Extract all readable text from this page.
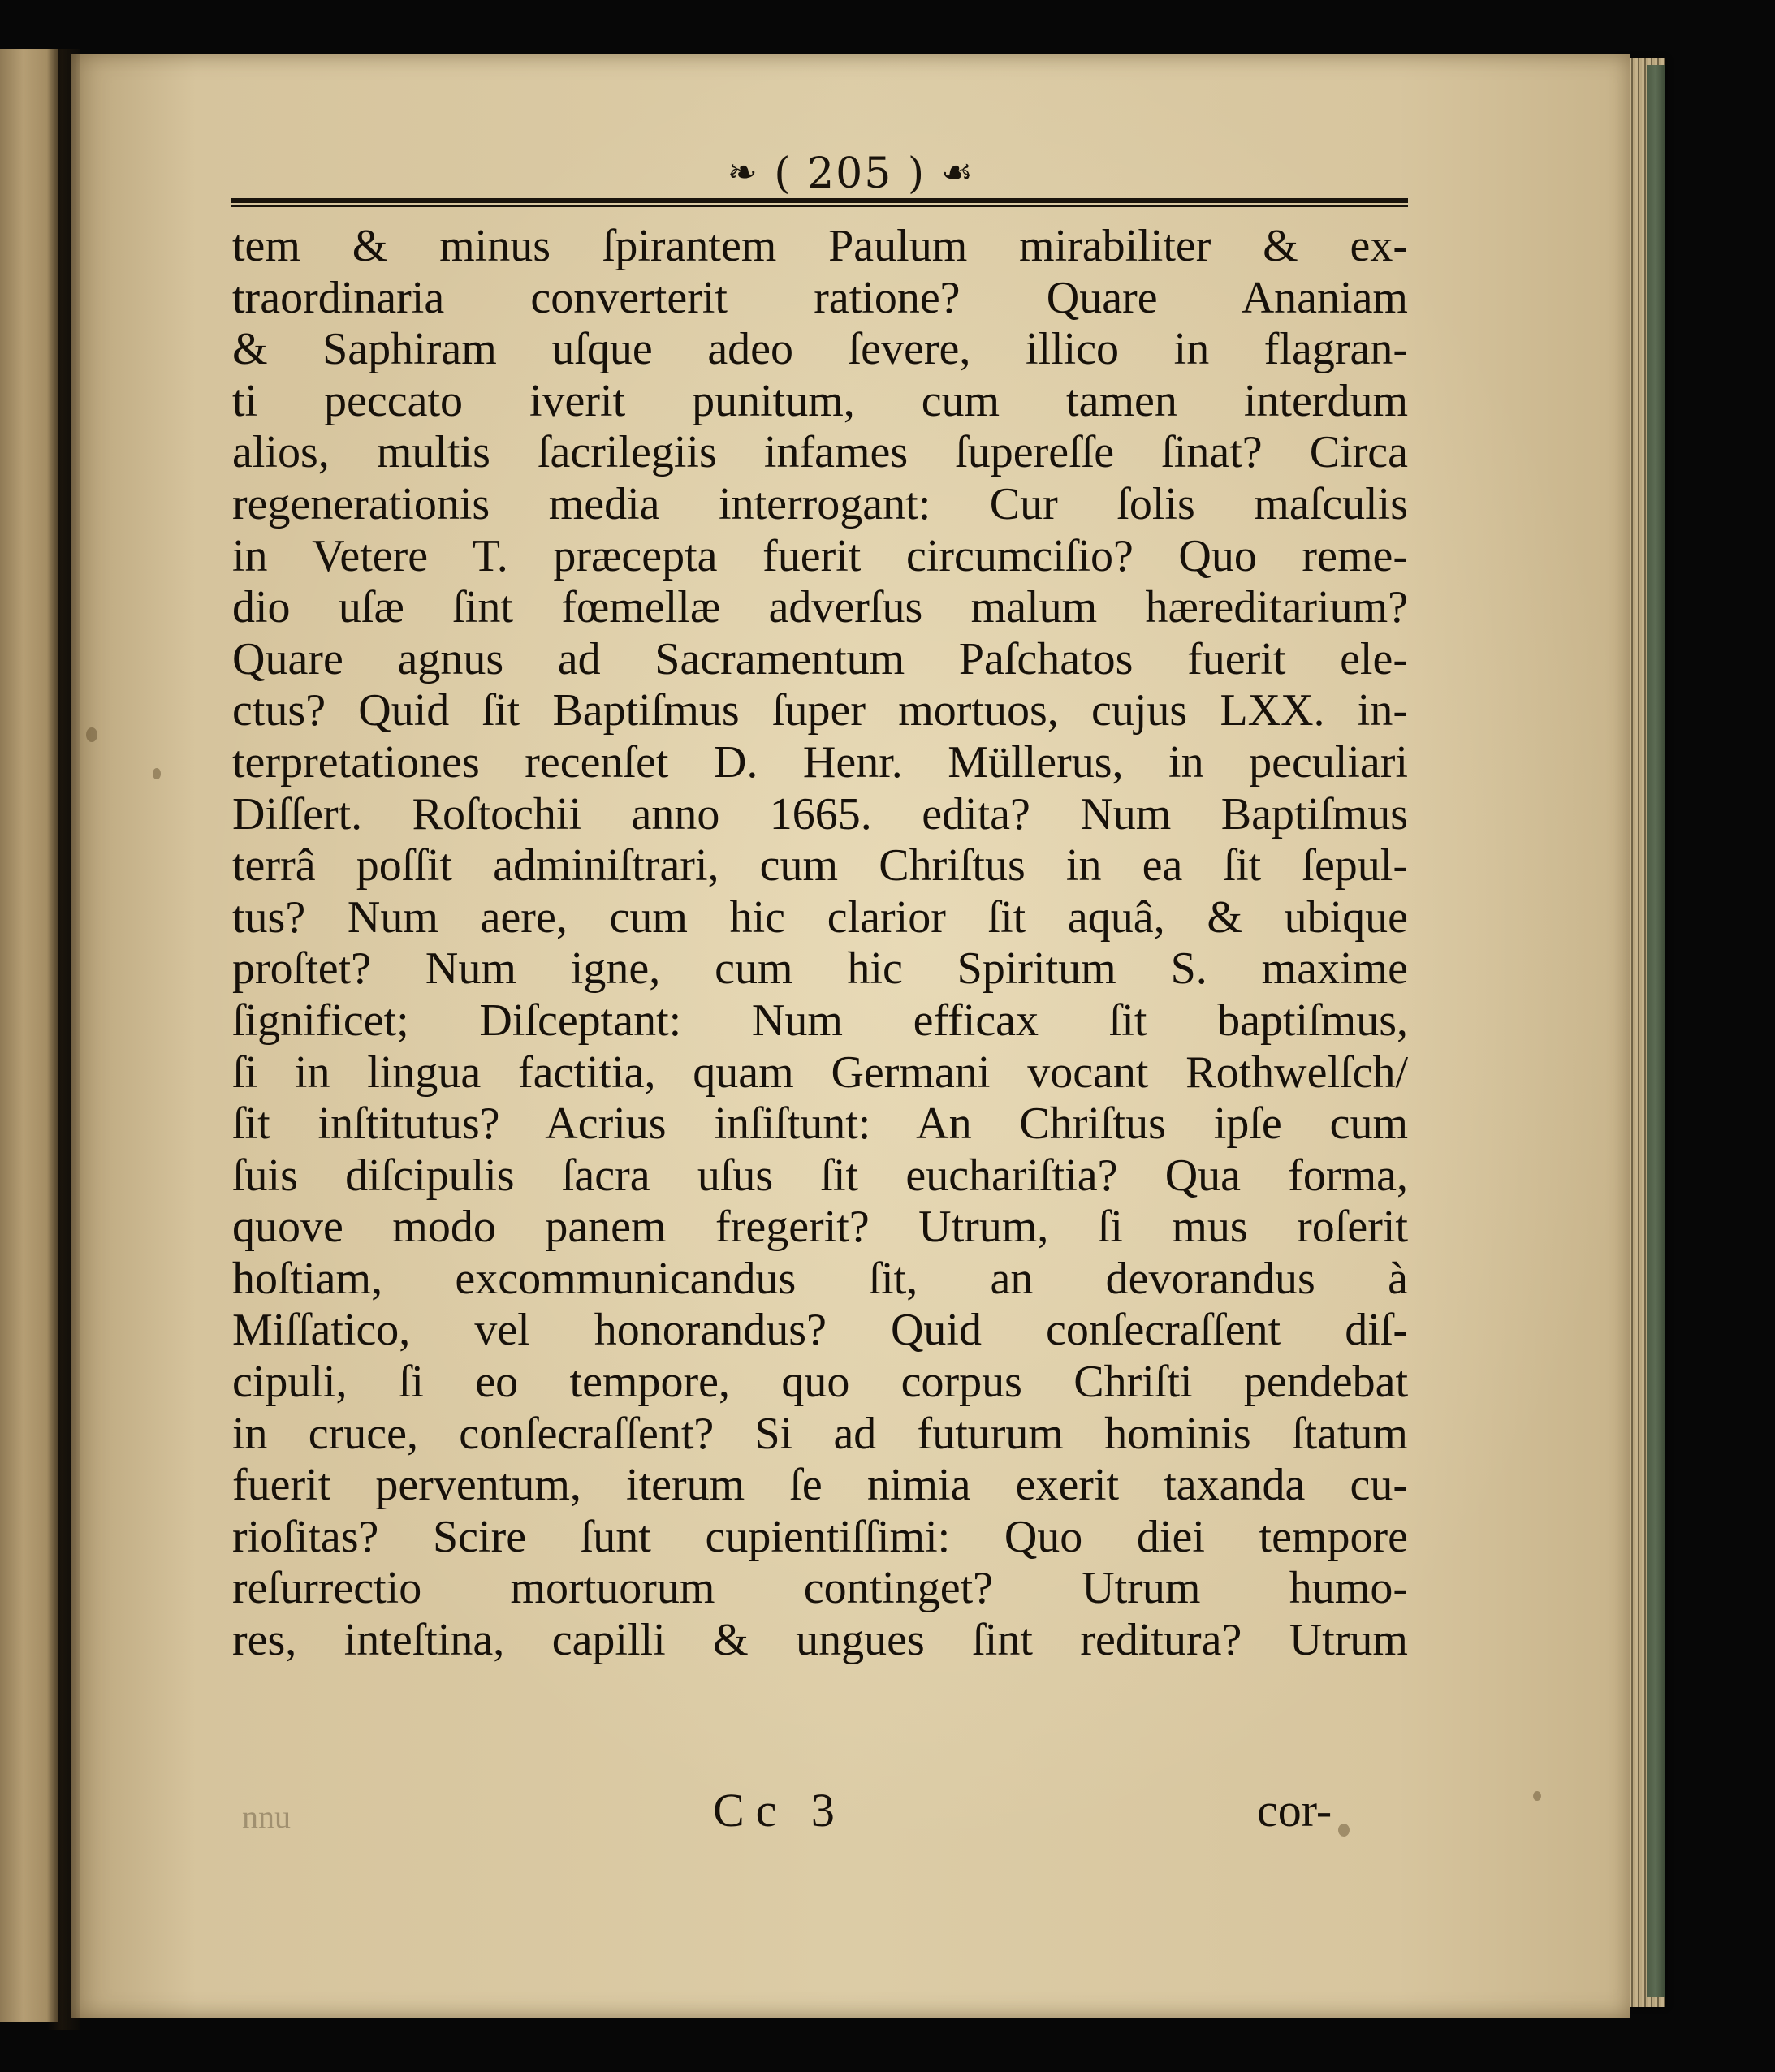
❧ ( 205 ) ☙
tem & minus ſpirantem Paulum mirabiliter & ex-
traordinaria converterit ratione? Quare Ananiam
& Saphiram uſque adeo ſevere, illico in flagran-
ti peccato iverit punitum, cum tamen interdum
alios, multis ſacrilegiis infames ſupereſſe ſinat? Circa
regenerationis media interrogant: Cur ſolis maſculis
in Vetere T. præcepta fuerit circumciſio? Quo reme-
dio uſæ ſint fœmellæ adverſus malum hæreditarium?
Quare agnus ad Sacramentum Paſchatos fuerit ele-
ctus? Quid ſit Baptiſmus ſuper mortuos, cujus LXX. in-
terpretationes recenſet D. Henr. Müllerus, in peculiari
Diſſert. Roſtochii anno 1665. edita? Num Baptiſmus
terrâ poſſit adminiſtrari, cum Chriſtus in ea ſit ſepul-
tus? Num aere, cum hic clarior ſit aquâ, & ubique
proſtet? Num igne, cum hic Spiritum S. maxime
ſignificet; Diſceptant: Num efficax ſit baptiſmus,
ſi in lingua factitia, quam Germani vocant Rothwelſch/
ſit inſtitutus? Acrius inſiſtunt: An Chriſtus ipſe cum
ſuis diſcipulis ſacra uſus ſit euchariſtia? Qua forma,
quove modo panem fregerit? Utrum, ſi mus roſerit
hoſtiam, excommunicandus ſit, an devorandus à
Miſſatico, vel honorandus? Quid conſecraſſent diſ-
cipuli, ſi eo tempore, quo corpus Chriſti pendebat
in cruce, conſecraſſent? Si ad futurum hominis ſtatum
fuerit perventum, iterum ſe nimia exerit taxanda cu-
rioſitas? Scire ſunt cupientiſſimi: Quo diei tempore
reſurrectio mortuorum continget? Utrum humo-
res, inteſtina, capilli & ungues ſint reditura? Utrum
nnu	Cc 3	cor-
